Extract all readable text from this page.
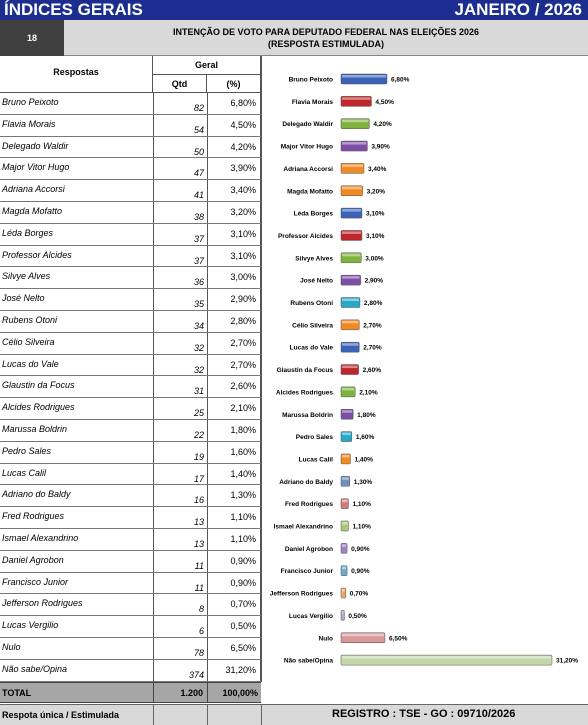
ÍNDICES GERAIS	JANEIRO / 2026
18
INTENÇÃO DE VOTO PARA DEPUTADO FEDERAL NAS ELEIÇÕES 2026
(RESPOSTA ESTIMULADA)
Respostas
Geral
Qtd	(%)
Bruno Peixoto
82	6,80%
Flavia Morais
54	4,50%
Delegado Waldir
50	4,20%
Major Vitor Hugo
47	3,90%
Adriana Accorsi
41	3,40%
Magda Mofatto
38	3,20%
Léda Borges
37	3,10%
Professor Alcides
37	3,10%
Silvye Alves
36	3,00%
José Nelto
35	2,90%
Rubens Otoni
34	2,80%
Célio Silveira
32	2,70%
Lucas do Vale
32	2,70%
Glaustin da Focus
31	2,60%
Alcides Rodrigues
25	2,10%
Marussa Boldrin
22	1,80%
Pedro Sales
19	1,60%
Lucas Calil
17	1,40%
Adriano do Baldy
16	1,30%
Fred Rodrigues
13	1,10%
Ismael Alexandrino
13	1,10%
Daniel Agrobon
11	0,90%
Francisco Junior
11	0,90%
Jefferson Rodrigues
8	0,70%
Lucas Vergilio
6	0,50%
Nulo
78	6,50%
Não sabe/Opina
374	31,20%
TOTAL	1.200	100,00%
Bruno Peixoto	6,80%
Flavia Morais	4,50%
Delegado Waldir	4,20%
Major Vitor Hugo	3,90%
Adriana Accorsi	3,40%
Magda Mofatto	3,20%
Léda Borges	3,10%
Professor Alcides	3,10%
Silvye Alves	3,00%
José Nelto	2,90%
Rubens Otoni	2,80%
Célio Silveira	2,70%
Lucas do Vale	2,70%
Glaustin da Focus	2,60%
Alcides Rodrigues	2,10%
Marussa Boldrin	1,80%
Pedro Sales	1,60%
Lucas Calil	1,40%
Adriano do Baldy	1,30%
Fred Rodrigues	1,10%
Ismael Alexandrino	1,10%
Daniel Agrobon	0,90%
Francisco Junior	0,90%
Jefferson Rodrigues	0,70%
Lucas Vergilio 0,50%
Nulo	6,50%
Não sabe/Opina	31,20%
Respota única / Estimulada	REGISTRO : TSE - GO : 09710/2026
